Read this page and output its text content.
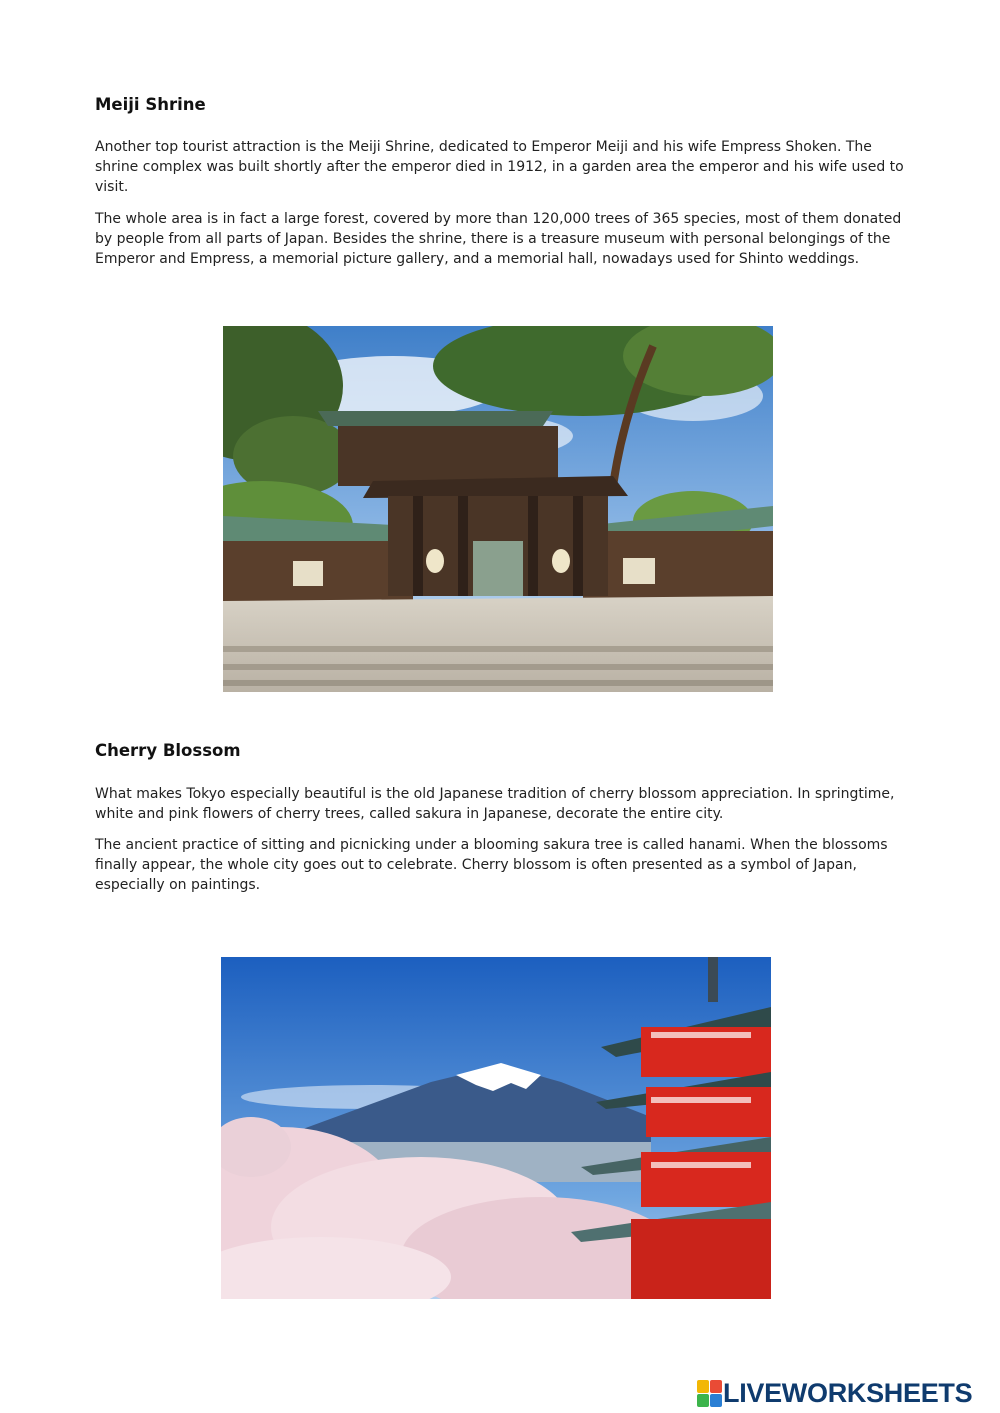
Meiji Shrine

Another top tourist attraction is the Meiji Shrine, dedicated to Emperor Meiji and his wife Empress Shoken. The shrine complex was built shortly after the emperor died in 1912, in a garden area the emperor and his wife used to visit.

The whole area is in fact a large forest, covered by more than 120,000 trees of 365 species, most of them donated by people from all parts of Japan. Besides the shrine, there is a treasure museum with personal belongings of the Emperor and Empress, a memorial picture gallery, and a memorial hall, nowadays used for Shinto weddings.

Cherry Blossom

What makes Tokyo especially beautiful is the old Japanese tradition of cherry blossom appreciation. In springtime, white and pink flowers of cherry trees, called sakura in Japanese, decorate the entire city.

The ancient practice of sitting and picnicking under a blooming sakura tree is called hanami. When the blossoms finally appear, the whole city goes out to celebrate. Cherry blossom is often presented as a symbol of Japan, especially on paintings.

LIVEWORKSHEETS
